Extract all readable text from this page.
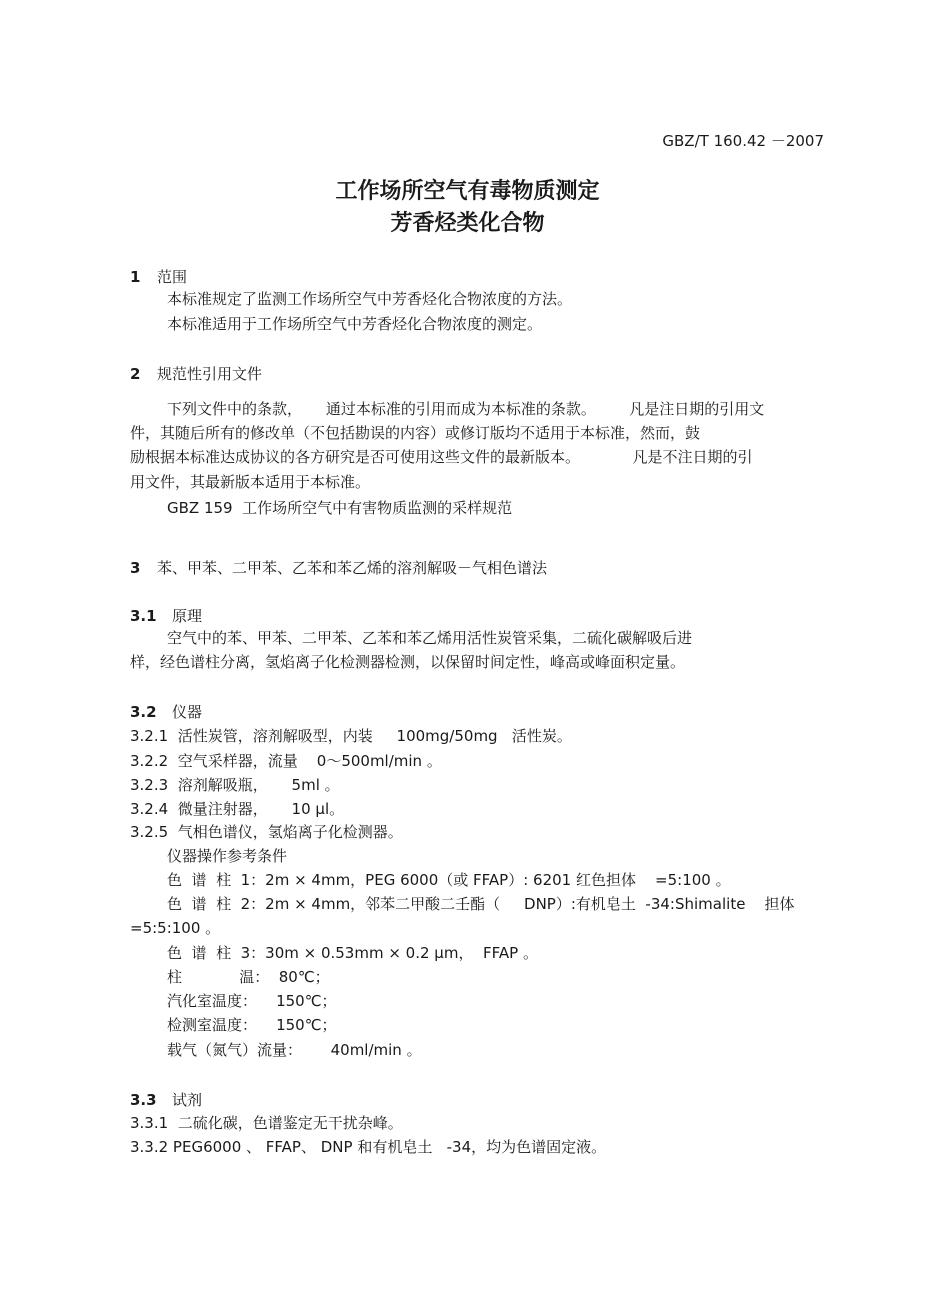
GBZ/T 160.42 －2007

工作场所空气有毒物质测定
芳香烃类化合物
1 范围

本标准规定了监测工作场所空气中芳香烃化合物浓度的方法。

本标准适用于工作场所空气中芳香烃化合物浓度的测定。

2 规范性引用文件

下列文件中的条款，     通过本标准的引用而成为本标准的条款。       凡是注日期的引用文

件，其随后所有的修改单（不包括勘误的内容）或修订版均不适用于本标准，然而，鼓

励根据本标准达成协议的各方研究是否可使用这些文件的最新版本。           凡是不注日期的引

用文件，其最新版本适用于本标准。

GBZ 159  工作场所空气中有害物质监测的采样规范

3 苯、甲苯、二甲苯、乙苯和苯乙烯的溶剂解吸－气相色谱法
3.1 原理

空气中的苯、甲苯、二甲苯、乙苯和苯乙烯用活性炭管采集，二硫化碳解吸后进

样，经色谱柱分离，氢焰离子化检测器检测，以保留时间定性，峰高或峰面积定量。

3.2 仪器

3.2.1  活性炭管，溶剂解吸型，内装     100mg/50mg   活性炭。

3.2.2  空气采样器，流量    0～500ml/min 。

3.2.3  溶剂解吸瓶，     5ml 。

3.2.4  微量注射器，     10 μl。

3.2.5  气相色谱仪，氢焰离子化检测器。

仪器操作参考条件

色  谱  柱  1：2m × 4mm，PEG 6000（或 FFAP）: 6201 红色担体    =5:100 。

色  谱  柱  2：2m × 4mm，邻苯二甲酸二壬酯（     DNP）:有机皂土  -34:Shimalite    担体

=5:5:100 。

色  谱  柱  3：30m × 0.53mm × 0.2 μm，  FFAP 。

柱            温：  80℃；

汽化室温度：    150℃；

检测室温度：    150℃；

载气（氮气）流量：      40ml/min 。

3.3 试剂

3.3.1  二硫化碳，色谱鉴定无干扰杂峰。

3.3.2 PEG6000 、 FFAP、 DNP 和有机皂土   -34，均为色谱固定液。
